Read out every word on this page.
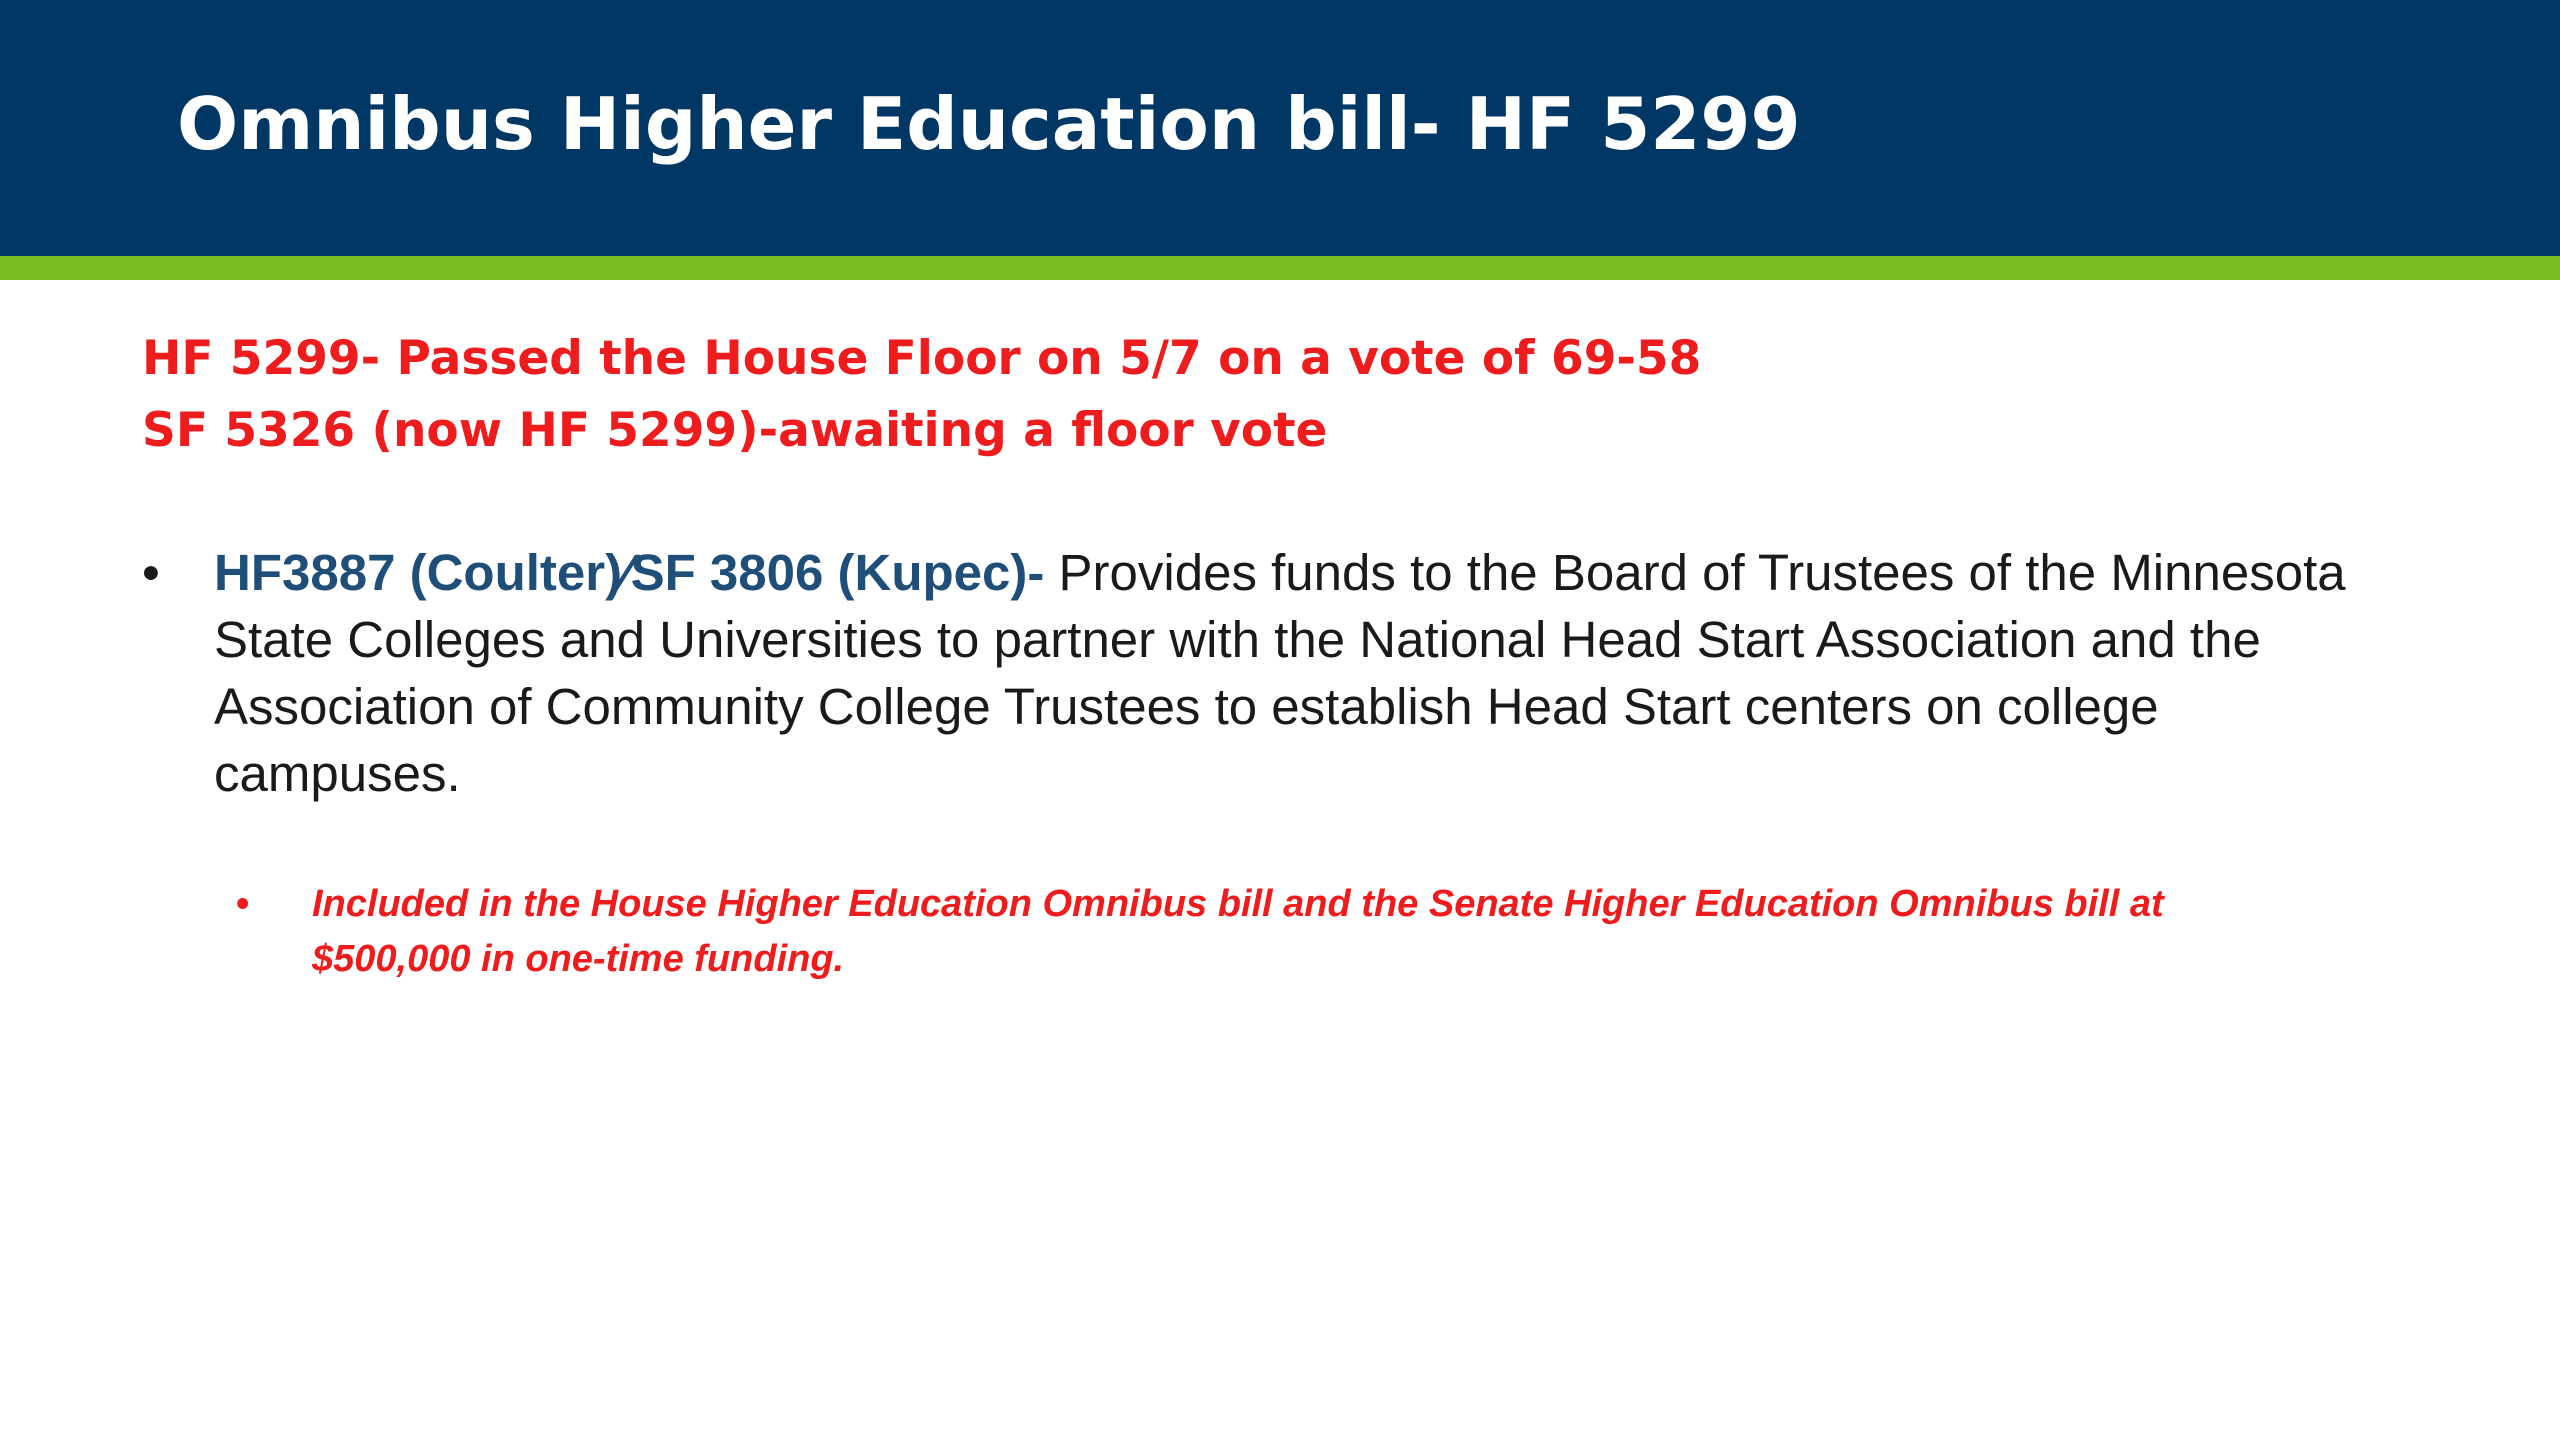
Omnibus Higher Education bill- HF 5299

HF 5299- Passed the House Floor on 5/7 on a vote of 69-58

SF 5326 (now HF 5299)-awaiting a floor vote

•	HF3887 (Coulter)⁄SF 3806 (Kupec)- Provides funds to the Board of Trustees of the Minnesota State Colleges and Universities to partner with the National Head Start Association and the Association of Community College Trustees to establish Head Start centers on college campuses.
• Included in the House Higher Education Omnibus bill and the Senate Higher Education Omnibus bill at $500,000 in one-time funding.
